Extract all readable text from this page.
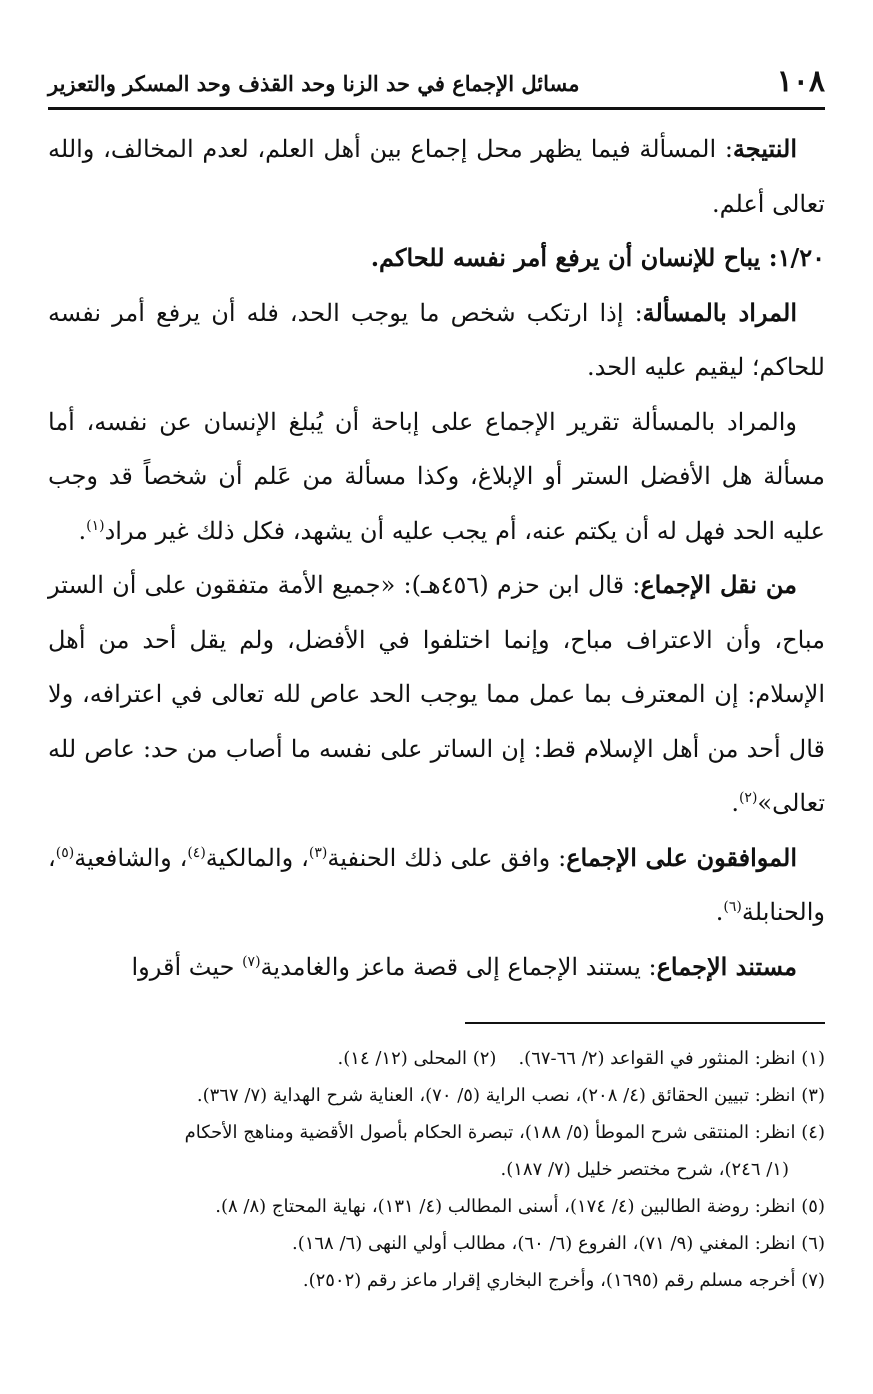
١٠٨
مسائل الإجماع في حد الزنا وحد القذف وحد المسكر والتعزير

النتيجة: المسألة فيما يظهر محل إجماع بين أهل العلم، لعدم المخالف، والله تعالى أعلم.

١/٢٠: يباح للإنسان أن يرفع أمر نفسه للحاكم.

المراد بالمسألة: إذا ارتكب شخص ما يوجب الحد، فله أن يرفع أمر نفسه للحاكم؛ ليقيم عليه الحد.

والمراد بالمسألة تقرير الإجماع على إباحة أن يُبلغ الإنسان عن نفسه، أما مسألة هل الأفضل الستر أو الإبلاغ، وكذا مسألة من عَلم أن شخصاً قد وجب عليه الحد فهل له أن يكتم عنه، أم يجب عليه أن يشهد، فكل ذلك غير مراد$^{(١)}$.

من نقل الإجماع: قال ابن حزم (٤٥٦هـ): «جميع الأمة متفقون على أن الستر مباح، وأن الاعتراف مباح، وإنما اختلفوا في الأفضل، ولم يقل أحد من أهل الإسلام: إن المعترف بما عمل مما يوجب الحد عاص لله تعالى في اعترافه، ولا قال أحد من أهل الإسلام قط: إن الساتر على نفسه ما أصاب من حد: عاص لله تعالى»$^{(٢)}$.

الموافقون على الإجماع: وافق على ذلك الحنفية$^{(٣)}$، والمالكية$^{(٤)}$، والشافعية$^{(٥)}$، والحنابلة$^{(٦)}$.

مستند الإجماع: يستند الإجماع إلى قصة ماعز والغامدية$^{(٧)}$ حيث أقروا

(١) انظر: المنثور في القواعد (٢/ ٦٦-٦٧).

(٢) المحلى (١٢/ ١٤).

(٣) انظر: تبيين الحقائق (٤/ ٢٠٨)، نصب الراية (٥/ ٧٠)، العناية شرح الهداية (٧/ ٣٦٧).

(٤) انظر: المنتقى شرح الموطأ (٥/ ١٨٨)، تبصرة الحكام بأصول الأقضية ومناهج الأحكام

(١/ ٢٤٦)، شرح مختصر خليل (٧/ ١٨٧).

(٥) انظر: روضة الطالبين (٤/ ١٧٤)، أسنى المطالب (٤/ ١٣١)، نهاية المحتاج (٨/ ٨).

(٦) انظر: المغني (٩/ ٧١)، الفروع (٦/ ٦٠)، مطالب أولي النهى (٦/ ١٦٨).

(٧) أخرجه مسلم رقم (١٦٩٥)، وأخرج البخاري إقرار ماعز رقم (٢٥٠٢).
